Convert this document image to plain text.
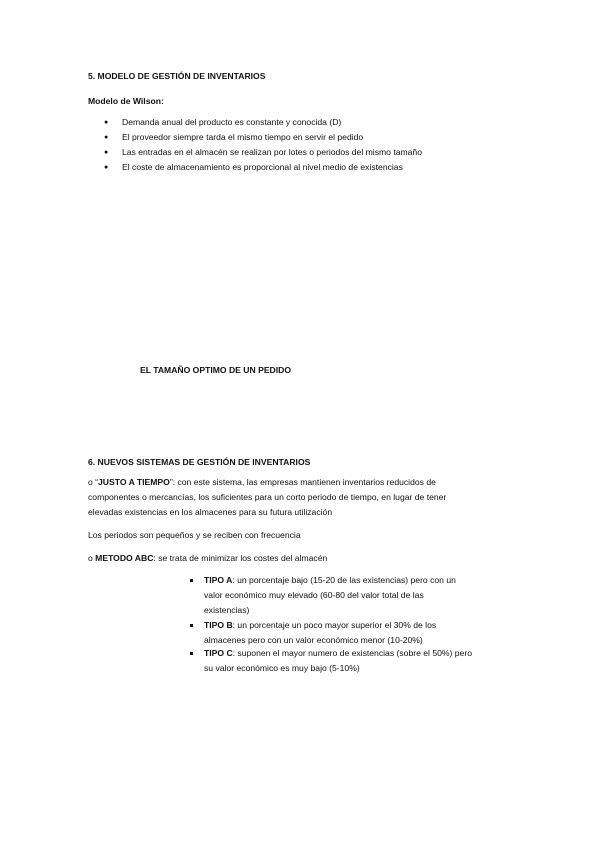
5. MODELO DE GESTIÓN DE INVENTARIOS
Modelo de Wilson:
● Demanda anual del producto es constante y conocida (D)
● El proveedor siempre tarda el mismo tiempo en servir el pedido
● Las entradas en el almacén se realizan por lotes o periodos del mismo tamaño
● El coste de almacenamiento es proporcional al nivel medio de existencias
EL TAMAÑO OPTIMO DE UN PEDIDO
6. NUEVOS SISTEMAS DE GESTIÓN DE INVENTARIOS
o “JUSTO A TIEMPO”: con este sistema, las empresas mantienen inventarios reducidos de
componentes o mercancías, los suficientes para un corto periodo de tiempo, en lugar de tener
elevadas existencias en los almacenes para su futura utilización
Los periodos son pequeños y se reciben con frecuencia
o METODO ABC: se trata de minimizar los costes del almacén
TIPO A: un porcentaje bajo (15-20 de las existencias) pero con un
valor económico muy elevado (60-80 del valor total de las
existencias)
TIPO B: un porcentaje un poco mayor superior el 30% de los
almacenes pero con un valor económico menor (10-20%)
TIPO C: suponen el mayor numero de existencias (sobre el 50%) pero
su valor económico es muy bajo (5-10%)
